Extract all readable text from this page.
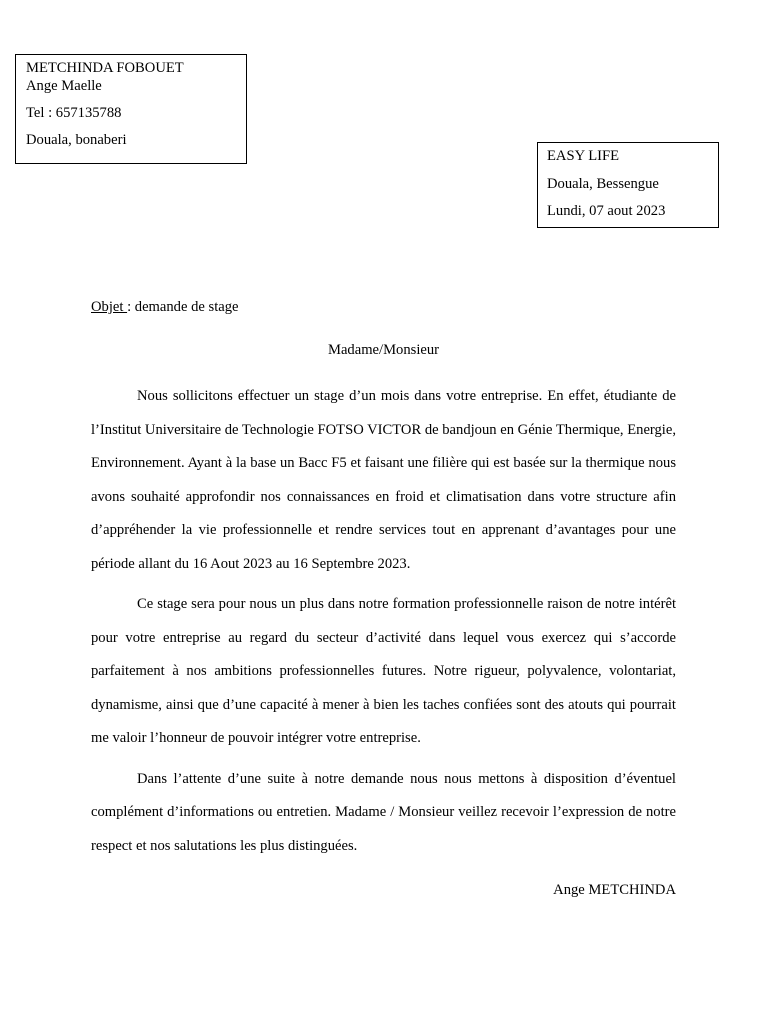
METCHINDA FOBOUET
Ange Maelle
Tel : 657135788
Douala, bonaberi
EASY LIFE
Douala, Bessengue
Lundi, 07 aout 2023
Objet : demande de stage
Madame/Monsieur

Nous sollicitons effectuer un stage d’un mois dans votre entreprise. En effet, étudiante de l’Institut Universitaire de Technologie FOTSO VICTOR de bandjoun en Génie Thermique, Energie, Environnement. Ayant à la base un Bacc F5 et faisant une filière qui est basée sur la thermique nous avons souhaité approfondir nos connaissances en froid et climatisation dans votre structure afin d’appréhender la vie professionnelle et rendre services tout en apprenant d’avantages pour une période allant du 16 Aout 2023 au 16 Septembre 2023.

Ce stage sera pour nous un plus dans notre formation professionnelle raison de notre intérêt pour votre entreprise au regard du secteur d’activité dans lequel vous exercez qui s’accorde parfaitement à nos ambitions professionnelles futures. Notre rigueur, polyvalence, volontariat, dynamisme, ainsi que d’une capacité à mener à bien les taches confiées sont des atouts qui pourrait me valoir l’honneur de pouvoir intégrer votre entreprise.

Dans l’attente d’une suite à notre demande nous nous mettons à disposition d’éventuel complément d’informations ou entretien. Madame / Monsieur veillez recevoir l’expression de notre respect et nos salutations les plus distinguées.

Ange METCHINDA
